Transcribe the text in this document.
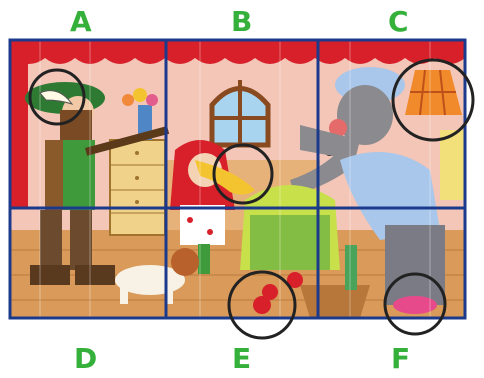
A	B	C
D	E	F
